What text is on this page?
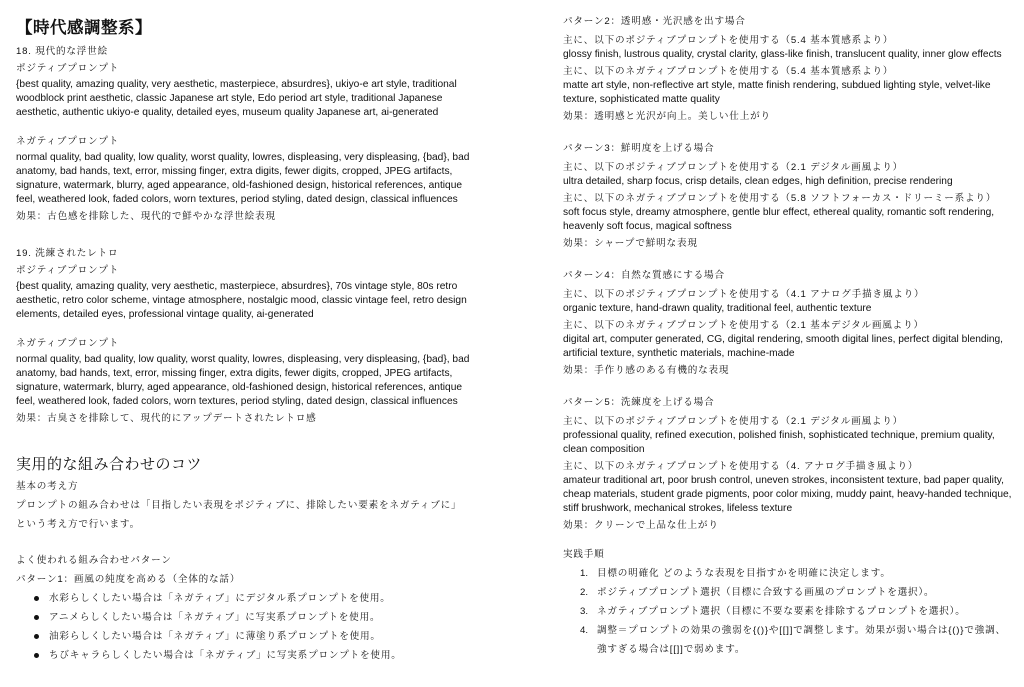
【時代感調整系】
18. 現代的な浮世絵
ポジティブプロンプト
{best quality, amazing quality, very aesthetic, masterpiece, absurdres}, ukiyo-e art style, traditional woodblock print aesthetic, classic Japanese art style, Edo period art style, traditional Japanese aesthetic, authentic ukiyo-e quality, detailed eyes, museum quality Japanese art, ai-generated
ネガティブプロンプト
normal quality, bad quality, low quality, worst quality, lowres, displeasing, very displeasing, {bad}, bad anatomy, bad hands, text, error, missing finger, extra digits, fewer digits, cropped, JPEG artifacts, signature, watermark, blurry, aged appearance, old-fashioned design, historical references, antique feel, weathered look, faded colors, worn textures, period styling, dated design, classical influences
効果：古色感を排除した、現代的で鮮やかな浮世絵表現
19. 洗練されたレトロ
ポジティブプロンプト
{best quality, amazing quality, very aesthetic, masterpiece, absurdres}, 70s vintage style, 80s retro aesthetic, retro color scheme, vintage atmosphere, nostalgic mood, classic vintage feel, retro design elements, detailed eyes, professional vintage quality, ai-generated
ネガティブプロンプト
normal quality, bad quality, low quality, worst quality, lowres, displeasing, very displeasing, {bad}, bad anatomy, bad hands, text, error, missing finger, extra digits, fewer digits, cropped, JPEG artifacts, signature, watermark, blurry, aged appearance, old-fashioned design, historical references, antique feel, weathered look, faded colors, worn textures, period styling, dated design, classical influences
効果：古臭さを排除して、現代的にアップデートされたレトロ感
実用的な組み合わせのコツ
基本の考え方
プロンプトの組み合わせは「目指したい表現をポジティブに、排除したい要素をネガティブに」
という考え方で行います。
よく使われる組み合わせパターン
パターン1：画風の純度を高める（全体的な話）
水彩らしくしたい場合は「ネガティブ」にデジタル系プロンプトを使用。
アニメらしくしたい場合は「ネガティブ」に写実系プロンプトを使用。
油彩らしくしたい場合は「ネガティブ」に薄塗り系プロンプトを使用。
ちびキャラらしくしたい場合は「ネガティブ」に写実系プロンプトを使用。
パターン2：透明感・光沢感を出す場合
主に、以下のポジティブプロンプトを使用する（5.4 基本質感系より）
glossy finish, lustrous quality, crystal clarity, glass-like finish, translucent quality, inner glow effects
主に、以下のネガティブプロンプトを使用する（5.4 基本質感系より）
matte art style, non-reflective art style, matte finish rendering, subdued lighting style, velvet-like texture, sophisticated matte quality
効果：透明感と光沢が向上。美しい仕上がり
パターン3：鮮明度を上げる場合
主に、以下のポジティブプロンプトを使用する（2.1 デジタル画風より）
ultra detailed, sharp focus, crisp details, clean edges, high definition, precise rendering
主に、以下のネガティブプロンプトを使用する（5.8 ソフトフォーカス・ドリーミー系より）
soft focus style, dreamy atmosphere, gentle blur effect, ethereal quality, romantic soft rendering, heavenly soft focus, magical softness
効果：シャープで鮮明な表現
パターン4：自然な質感にする場合
主に、以下のポジティブプロンプトを使用する（4.1 アナログ手描き風より）
organic texture, hand-drawn quality, traditional feel, authentic texture
主に、以下のネガティブプロンプトを使用する（2.1 基本デジタル画風より）
digital art, computer generated, CG, digital rendering, smooth digital lines, perfect digital blending, artificial texture, synthetic materials, machine-made
効果：手作り感のある有機的な表現
パターン5：洗練度を上げる場合
主に、以下のポジティブプロンプトを使用する（2.1 デジタル画風より）
professional quality, refined execution, polished finish, sophisticated technique, premium quality, clean composition
主に、以下のネガティブプロンプトを使用する（4. アナログ手描き風より）
amateur traditional art, poor brush control, uneven strokes, inconsistent texture, bad paper quality, cheap materials, student grade pigments, poor color mixing, muddy paint, heavy-handed technique, stiff brushwork, mechanical strokes, lifeless texture
効果：クリーンで上品な仕上がり
実践手順
1. 目標の明確化 どのような表現を目指すかを明確に決定します。
2. ポジティブプロンプト選択（目標に合致する画風のプロンプトを選択）。
3. ネガティブプロンプト選択（目標に不要な要素を排除するプロンプトを選択）。
4. 調整＝プロンプトの効果の強弱を{()}や[[]]で調整します。効果が弱い場合は{()}で強調、強すぎる場合は[[]]で弱めます。
